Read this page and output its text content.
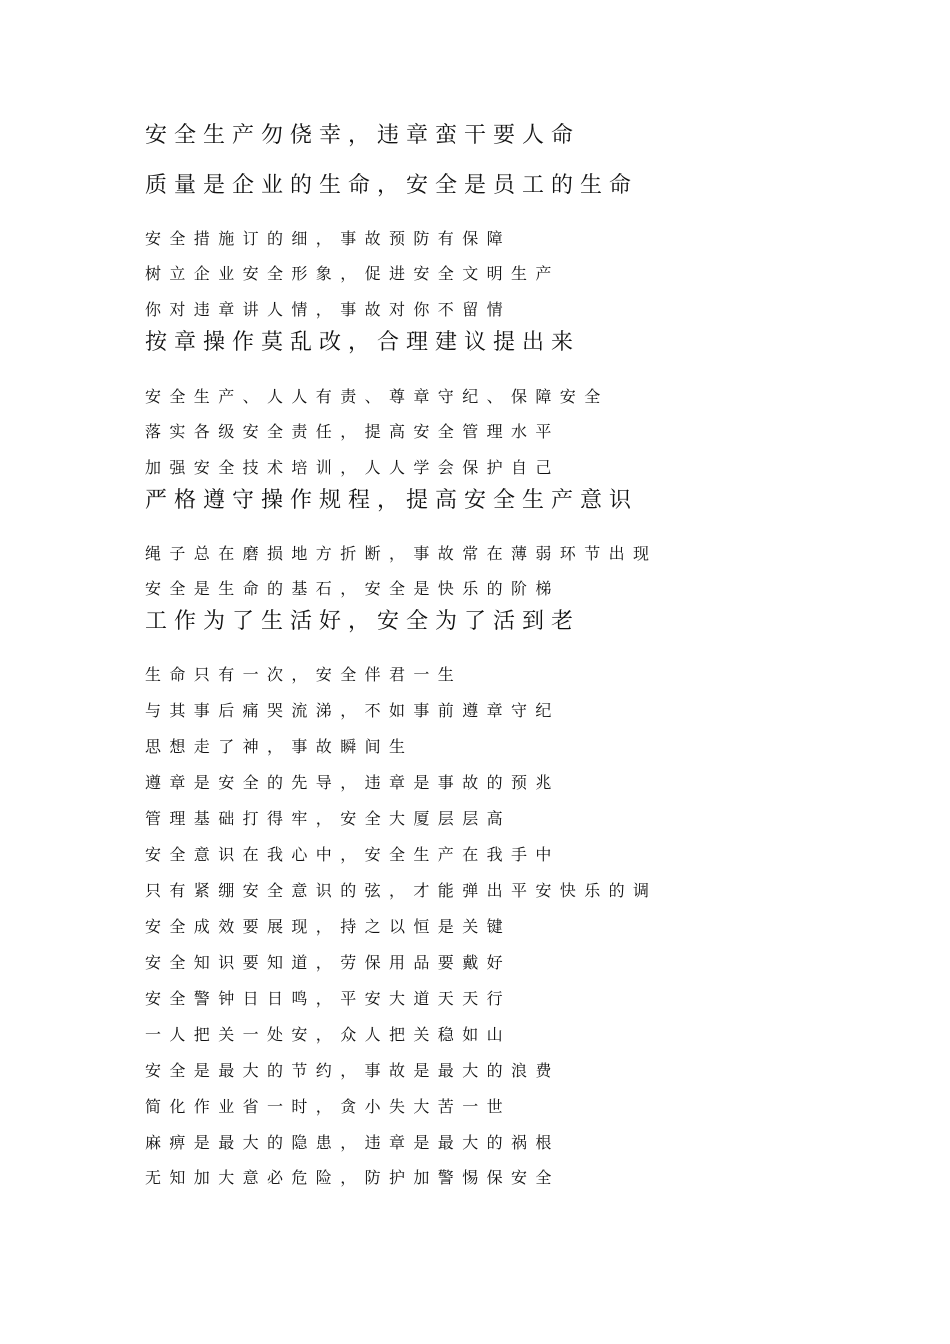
安全生产勿侥幸，违章蛮干要人命
质量是企业的生命，安全是员工的生命
安全措施订的细，事故预防有保障
树立企业安全形象，促进安全文明生产
你对违章讲人情，事故对你不留情
按章操作莫乱改，合理建议提出来
安全生产、人人有责、尊章守纪、保障安全
落实各级安全责任，提高安全管理水平
加强安全技术培训，人人学会保护自己
严格遵守操作规程，提高安全生产意识
绳子总在磨损地方折断，事故常在薄弱环节出现
安全是生命的基石，安全是快乐的阶梯
工作为了生活好，安全为了活到老
生命只有一次，安全伴君一生
与其事后痛哭流涕，不如事前遵章守纪
思想走了神，事故瞬间生
遵章是安全的先导，违章是事故的预兆
管理基础打得牢，安全大厦层层高
安全意识在我心中，安全生产在我手中
只有紧绷安全意识的弦，才能弹出平安快乐的调
安全成效要展现，持之以恒是关键
安全知识要知道，劳保用品要戴好
安全警钟日日鸣，平安大道天天行
一人把关一处安，众人把关稳如山
安全是最大的节约，事故是最大的浪费
简化作业省一时，贪小失大苦一世
麻痹是最大的隐患，违章是最大的祸根
无知加大意必危险，防护加警惕保安全
